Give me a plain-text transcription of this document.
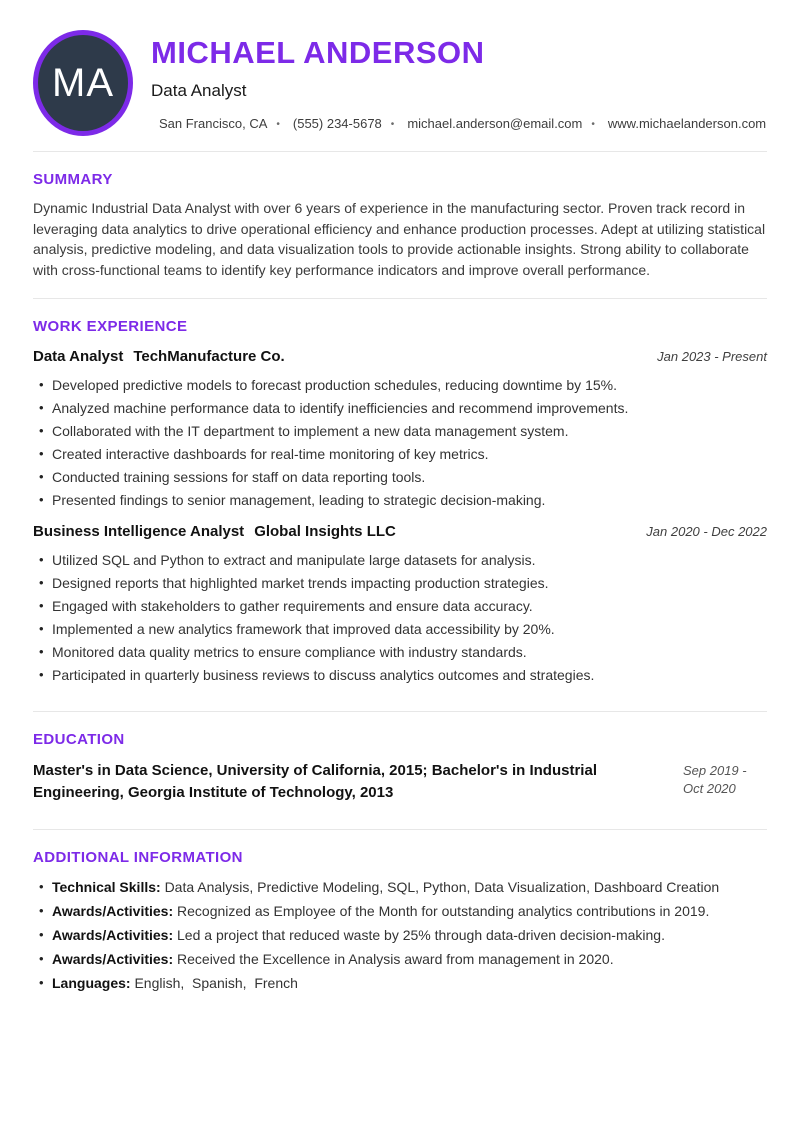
MA
MICHAEL ANDERSON
Data Analyst
San Francisco, CA • (555) 234-5678 • michael.anderson@email.com • www.michaelanderson.com
SUMMARY

Dynamic Industrial Data Analyst with over 6 years of experience in the manufacturing sector. Proven track record in leveraging data analytics to drive operational efficiency and enhance production processes. Adept at utilizing statistical analysis, predictive modeling, and data visualization tools to provide actionable insights. Strong ability to collaborate with cross-functional teams to identify key performance indicators and improve overall performance.

WORK EXPERIENCE
Data Analyst TechManufacture Co.	Jan 2023 - Present
• Developed predictive models to forecast production schedules, reducing downtime by 15%.
• Analyzed machine performance data to identify inefficiencies and recommend improvements.
• Collaborated with the IT department to implement a new data management system.
• Created interactive dashboards for real-time monitoring of key metrics.
• Conducted training sessions for staff on data reporting tools.
• Presented findings to senior management, leading to strategic decision-making.
Business Intelligence Analyst Global Insights LLC	Jan 2020 - Dec 2022
• Utilized SQL and Python to extract and manipulate large datasets for analysis.
• Designed reports that highlighted market trends impacting production strategies.
• Engaged with stakeholders to gather requirements and ensure data accuracy.
• Implemented a new analytics framework that improved data accessibility by 20%.
• Monitored data quality metrics to ensure compliance with industry standards.
• Participated in quarterly business reviews to discuss analytics outcomes and strategies.
EDUCATION
Master's in Data Science, University of California, 2015; Bachelor's in Industrial Engineering, Georgia Institute of Technology, 2013
Sep 2019 - Oct 2020
ADDITIONAL INFORMATION
• Technical Skills: Data Analysis, Predictive Modeling, SQL, Python, Data Visualization, Dashboard Creation
• Awards/Activities: Recognized as Employee of the Month for outstanding analytics contributions in 2019.
• Awards/Activities: Led a project that reduced waste by 25% through data-driven decision-making.
• Awards/Activities: Received the Excellence in Analysis award from management in 2020.
• Languages: English,  Spanish,  French
